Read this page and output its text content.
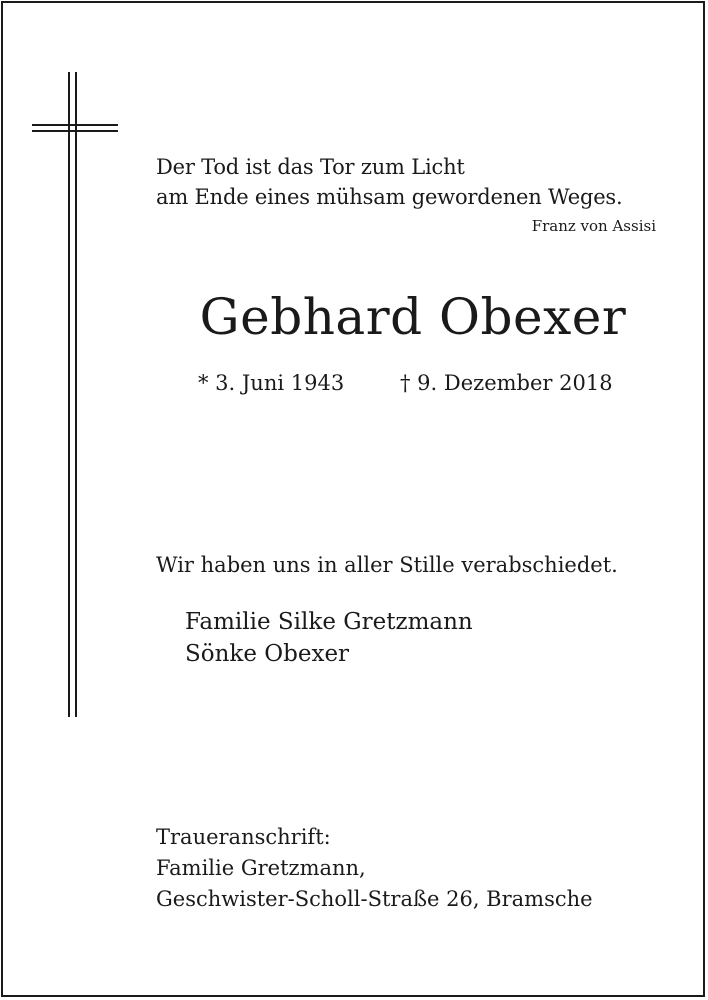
Der Tod ist das Tor zum Licht
am Ende eines mühsam gewordenen Weges.
Franz von Assisi
Gebhard Obexer
* 3. Juni 1943	† 9. Dezember 2018
Wir haben uns in aller Stille verabschiedet.
Familie Silke Gretzmann
Sönke Obexer
Traueranschrift:
Familie Gretzmann,
Geschwister-Scholl-Straße 26, Bramsche
